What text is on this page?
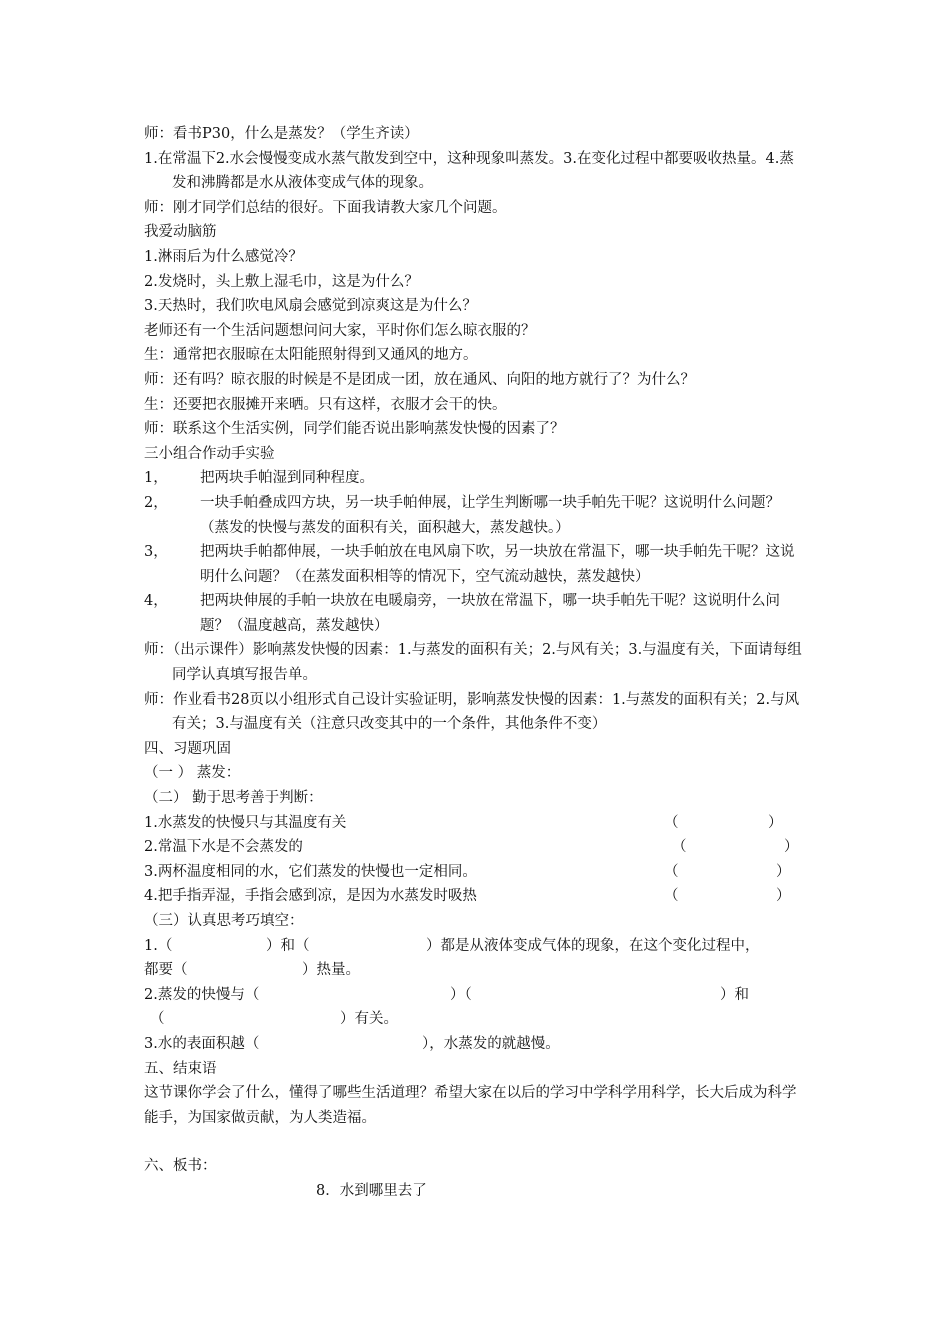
师：看书P30，什么是蒸发？（学生齐读）
1.在常温下2.水会慢慢变成水蒸气散发到空中，这种现象叫蒸发。3.在变化过程中都要吸收热量。4.蒸发和沸腾都是水从液体变成气体的现象。
师：刚才同学们总结的很好。下面我请教大家几个问题。
我爱动脑筋
1.淋雨后为什么感觉冷？
2.发烧时，头上敷上湿毛巾，这是为什么？
3.天热时，我们吹电风扇会感觉到凉爽这是为什么？
老师还有一个生活问题想问问大家，平时你们怎么晾衣服的？
生：通常把衣服晾在太阳能照射得到又通风的地方。
师：还有吗？晾衣服的时候是不是团成一团，放在通风、向阳的地方就行了？为什么？
生：还要把衣服摊开来晒。只有这样，衣服才会干的快。
师：联系这个生活实例，同学们能否说出影响蒸发快慢的因素了？
三小组合作动手实验
1，	把两块手帕湿到同种程度。
2，	一块手帕叠成四方块，另一块手帕伸展，让学生判断哪一块手帕先干呢？这说明什么问题？（蒸发的快慢与蒸发的面积有关，面积越大，蒸发越快。）
3，	把两块手帕都伸展，一块手帕放在电风扇下吹，另一块放在常温下，哪一块手帕先干呢？这说明什么问题？（在蒸发面积相等的情况下，空气流动越快，蒸发越快）
4，	把两块伸展的手帕一块放在电暖扇旁，一块放在常温下，哪一块手帕先干呢？这说明什么问题？（温度越高，蒸发越快）
师：（出示课件）影响蒸发快慢的因素：1.与蒸发的面积有关；2.与风有关；3.与温度有关，下面请每组同学认真填写报告单。
师：作业看书28页以小组形式自己设计实验证明，影响蒸发快慢的因素：1.与蒸发的面积有关；2.与风有关；3.与温度有关（注意只改变其中的一个条件，其他条件不变）
四、习题巩固
（一 ） 蒸发：
（二） 勤于思考善于判断：
1.水蒸发的快慢只与其温度有关	（	）
2.常温下水是不会蒸发的	（	）
3.两杯温度相同的水，它们蒸发的快慢也一定相同。	（	）
4.把手指弄湿，手指会感到凉，是因为水蒸发时吸热	（	）
（三）认真思考巧填空：
1.（	）和（	）都是从液体变成气体的现象，在这个变化过程中，
都要（	）热量。
2.蒸发的快慢与（	）（	）和
（	）有关。
3.水的表面积越（	），水蒸发的就越慢。
五、结束语
这节课你学会了什么，懂得了哪些生活道理？希望大家在以后的学习中学科学用科学，长大后成为科学能手，为国家做贡献，为人类造福。
六、板书：
8．水到哪里去了
